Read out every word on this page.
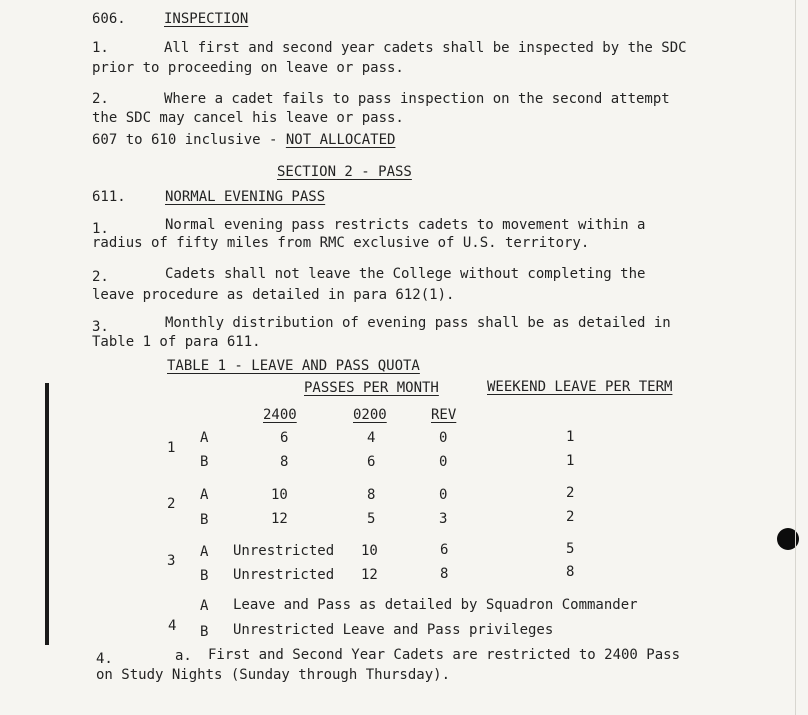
606.	INSPECTION
1.	All first and second year cadets shall be inspected by the SDC
prior to proceeding on leave or pass.
2.	Where a cadet fails to pass inspection on the second attempt
the SDC may cancel his leave or pass.
607 to 610 inclusive - NOT ALLOCATED
SECTION 2 - PASS
611.	NORMAL EVENING PASS
1.	Normal evening pass restricts cadets to movement within a
radius of fifty miles from RMC exclusive of U.S. territory.
2.	Cadets shall not leave the College without completing the
leave procedure as detailed in para 612(1).
3.	Monthly distribution of evening pass shall be as detailed in
Table 1 of para 611.
TABLE 1 - LEAVE AND PASS QUOTA
PASSES PER MONTH	WEEKEND LEAVE PER TERM
2400	0200	REV
1
A	6	4	0	1
B	8	6	0	1
2
A	10	8	0	2
B	12	5	3	2
3
A Unrestricted 10	6	5
B Unrestricted 12	8	8
4
A Leave and Pass as detailed by Squadron Commander
B Unrestricted Leave and Pass privileges
4.	a. First and Second Year Cadets are restricted to 2400 Pass
on Study Nights (Sunday through Thursday).
